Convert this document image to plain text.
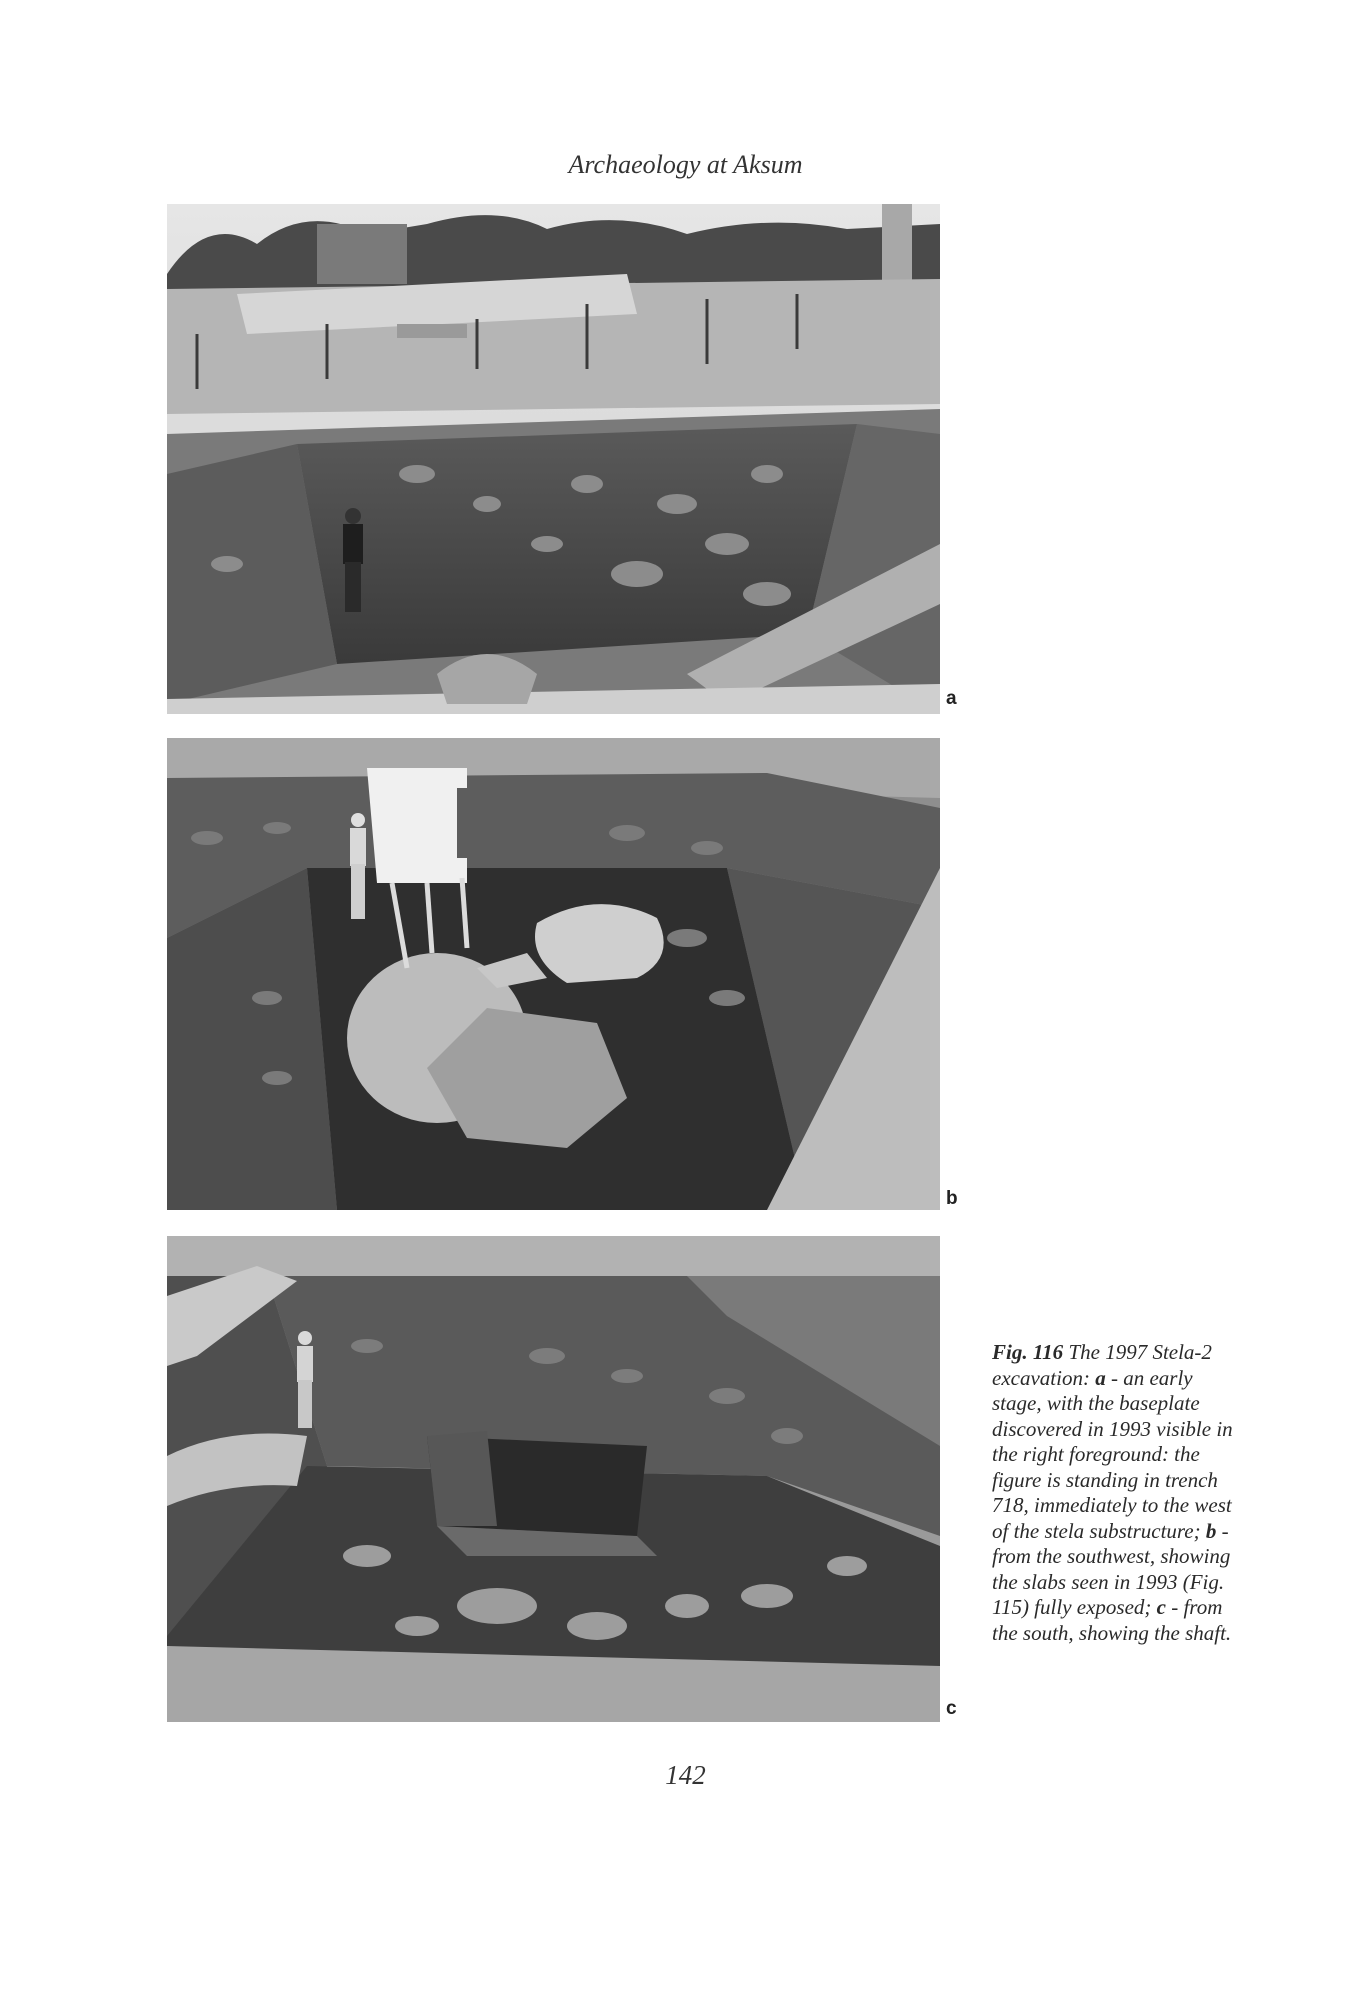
Archaeology at Aksum
a
b
c
Fig. 116 The 1997 Stela-2 excavation: a - an early stage, with the baseplate discovered in 1993 visible in the right foreground: the figure is standing in trench 718, immediately to the west of the stela substructure; b - from the southwest, showing the slabs seen in 1993 (Fig. 115) fully exposed; c - from the south, showing the shaft.
142
